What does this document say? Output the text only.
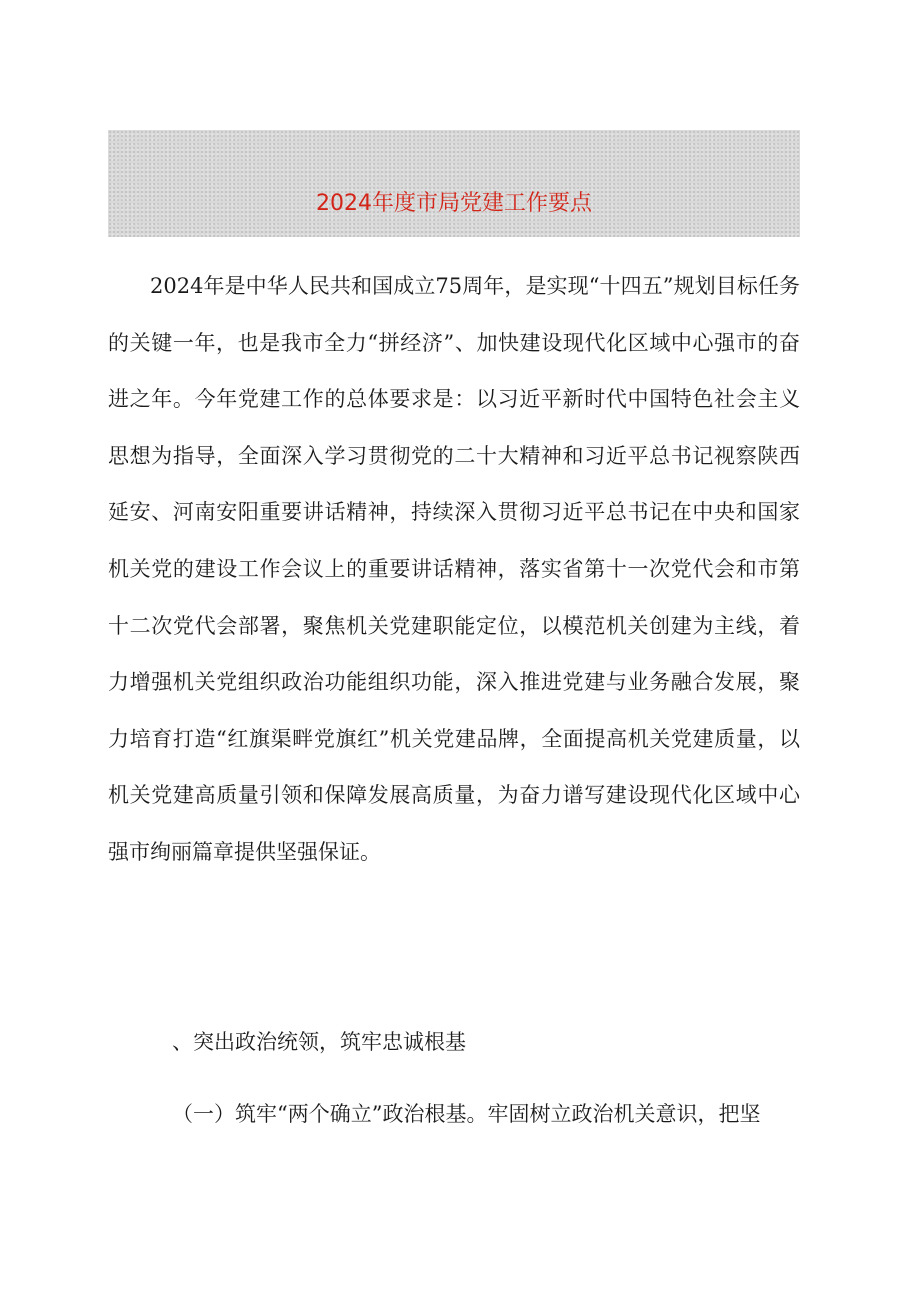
2024年度市局党建工作要点

2024年是中华人民共和国成立75周年，是实现“十四五”规划目标任务的关键一年，也是我市全力“拼经济”、加快建设现代化区域中心强市的奋进之年。今年党建工作的总体要求是：以习近平新时代中国特色社会主义思想为指导，全面深入学习贯彻党的二十大精神和习近平总书记视察陕西延安、河南安阳重要讲话精神，持续深入贯彻习近平总书记在中央和国家机关党的建设工作会议上的重要讲话精神，落实省第十一次党代会和市第十二次党代会部署，聚焦机关党建职能定位，以模范机关创建为主线，着力增强机关党组织政治功能组织功能，深入推进党建与业务融合发展，聚力培育打造“红旗渠畔党旗红”机关党建品牌，全面提高机关党建质量，以机关党建高质量引领和保障发展高质量，为奋力谱写建设现代化区域中心强市绚丽篇章提供坚强保证。

、突出政治统领，筑牢忠诚根基

（一）筑牢“两个确立”政治根基。牢固树立政治机关意识，把坚
